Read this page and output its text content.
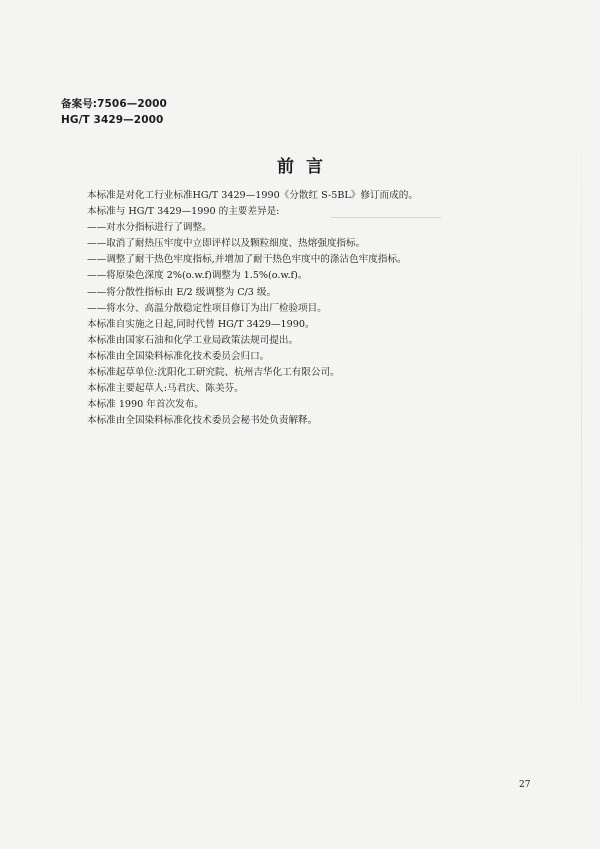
备案号:7506—2000
HG/T 3429—2000
前言
本标准是对化工行业标准HG/T 3429—1990《分散红 S-5BL》修订而成的。
本标准与 HG/T 3429—1990 的主要差异是:
——对水分指标进行了调整。
——取消了耐热压牢度中立即评样以及颗粒细度、热熔强度指标。
——调整了耐干热色牢度指标,并增加了耐干热色牢度中的涤沾色牢度指标。
——将原染色深度 2%(o.w.f)调整为 1.5%(o.w.f)。
——将分散性指标由 E/2 级调整为 C/3 级。
——将水分、高温分散稳定性项目修订为出厂检验项目。
本标准自实施之日起,同时代替 HG/T 3429—1990。
本标准由国家石油和化学工业局政策法规司提出。
本标准由全国染料标准化技术委员会归口。
本标准起草单位:沈阳化工研究院、杭州吉华化工有限公司。
本标准主要起草人:马君庆、陈美芬。
本标准 1990 年首次发布。
本标准由全国染料标准化技术委员会秘书处负责解释。
27
